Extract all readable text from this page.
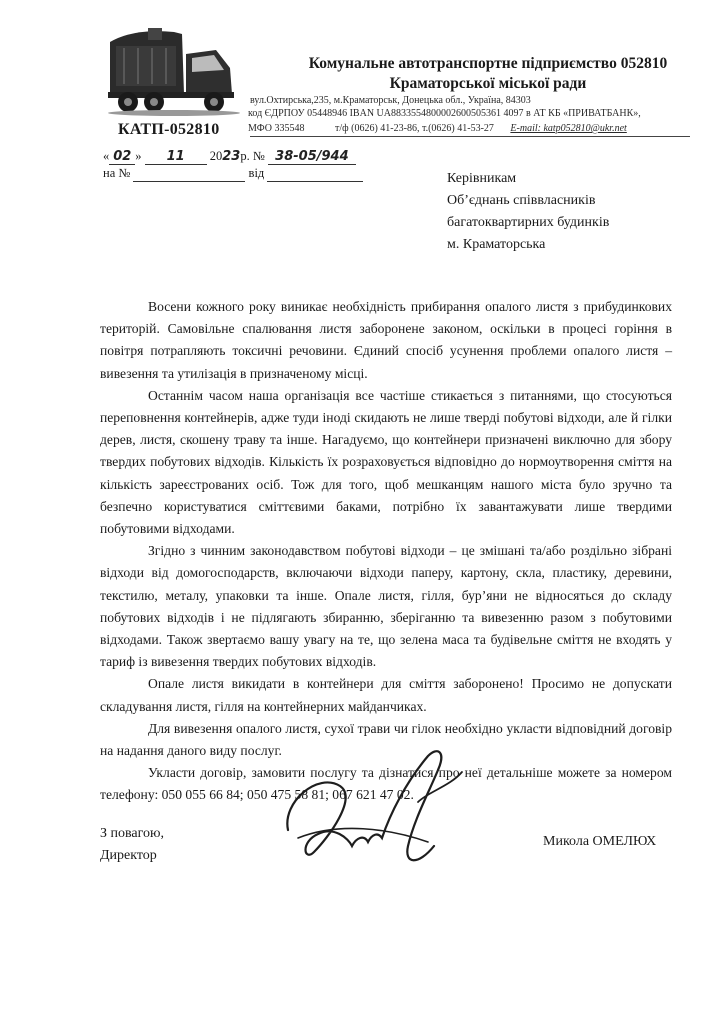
КАТП-052810
Комунальне автотранспортне підприємство 052810
Краматорської міської ради
вул.Охтирська,235, м.Краматорськ, Донецька обл., Україна, 84303
код ЄДРПОУ 05448946 IBAN UA8833554800002600505361 4097 в АТ КБ «ПРИВАТБАНК»,
МФО 335548	т/ф (0626) 41-23-86, т.(0626) 41-53-27 E-mail: katp052810@ukr.net
« 02 » 11 2023р. № 38-05/944
на №	від	Керівникам
Об’єднань співвласників
багатоквартирних будинків
м. Краматорська

Восени кожного року виникає необхідність прибирання опалого листя з прибудинкових територій. Самовільне спалювання листя заборонене законом, оскільки в процесі горіння в повітря потрапляють токсичні речовини. Єдиний спосіб усунення проблеми опалого листя – вивезення та утилізація в призначеному місці.

Останнім часом наша організація все частіше стикається з питаннями, що стосуються переповнення контейнерів, адже туди іноді скидають не лише тверді побутові відходи, але й гілки дерев, листя, скошену траву та інше. Нагадуємо, що контейнери призначені виключно для збору твердих побутових відходів. Кількість їх розраховується відповідно до нормоутворення сміття на кількість зареєстрованих осіб. Тож для того, щоб мешканцям нашого міста було зручно та безпечно користуватися сміттєвими баками, потрібно їх завантажувати лише твердими побутовими відходами.

Згідно з чинним законодавством побутові відходи – це змішані та/або роздільно зібрані відходи від домогосподарств, включаючи відходи паперу, картону, скла, пластику, деревини, текстилю, металу, упаковки та інше. Опале листя, гілля, бур’яни не відносяться до складу побутових відходів і не підлягають збиранню, зберіганню та вивезенню разом з побутовими відходами. Також звертаємо вашу увагу на те, що зелена маса та будівельне сміття не входять у тариф із вивезення твердих побутових відходів.

Опале листя викидати в контейнери для сміття заборонено! Просимо не допускати складування листя, гілля на контейнерних майданчиках.

Для вивезення опалого листя, сухої трави чи гілок необхідно укласти відповідний договір на надання даного виду послуг.

Укласти договір, замовити послугу та дізнатися про неї детальніше можете за номером телефону: 050 055 66 84; 050 475 58 81; 067 621 47 02.

З повагою,
Директор
Микола ОМЕЛЮХ
